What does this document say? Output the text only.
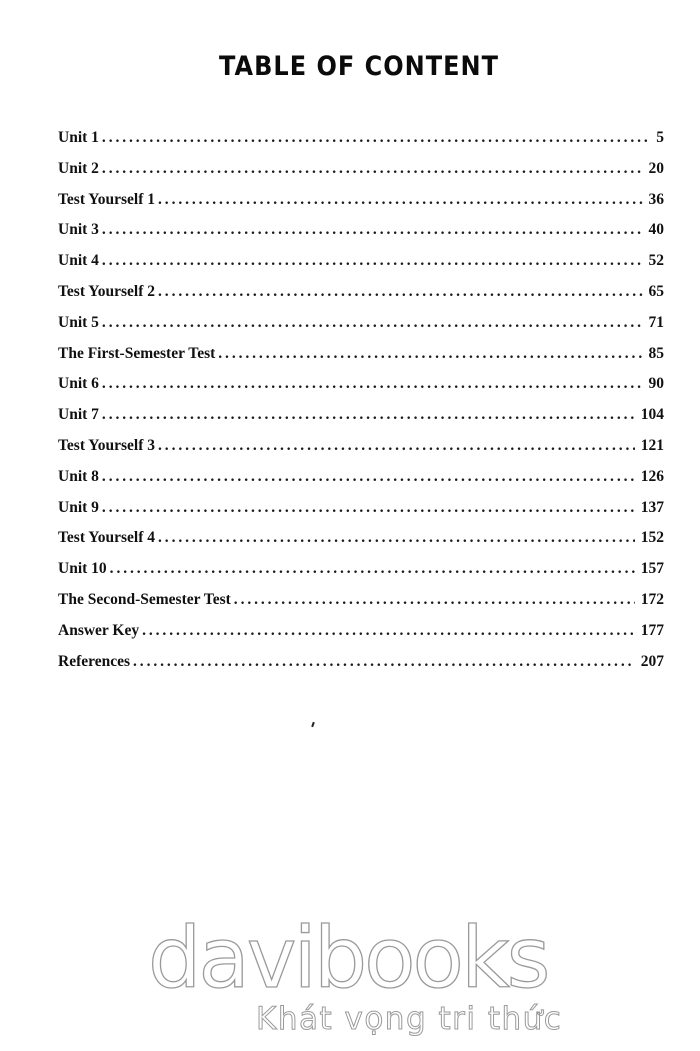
TABLE OF CONTENT
Unit 1 .....	5
Unit 2 .....	20
Test Yourself 1 .....	36
Unit 3 .....	40
Unit 4 .....	52
Test Yourself 2 .....	65
Unit 5 .....	71
The First-Semester Test .....	85
Unit 6 .....	90
Unit 7 .....	104
Test Yourself 3 .....	121
Unit 8 .....	126
Unit 9 .....	137
Test Yourself 4 .....	152
Unit 10 .....	157
The Second-Semester Test .....	172
Answer Key .....	177
References .....	207
davibooks
Khát vọng tri thức
